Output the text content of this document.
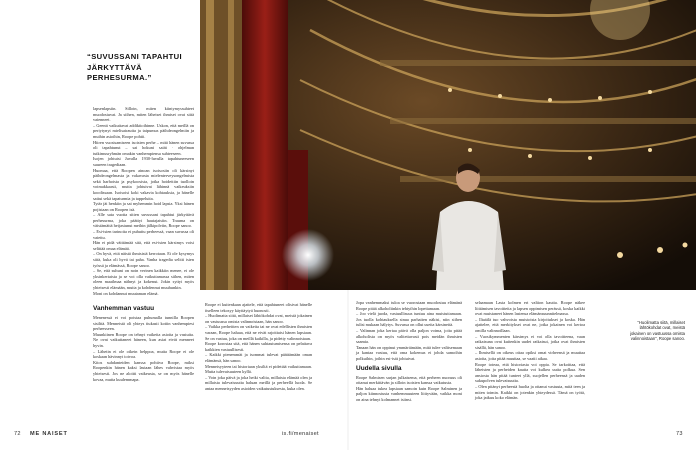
“SUVUSSANI TAPAHTUI JÄRKYTTÄVÄ PERHESURMA.”

lapsenlapsiin. Silloin, miten kiintymyssuhteet muodostuvat. Ja siihen, miten läheiset ihmiset ovat siitä vaienneet.

– Geenit vaikuttavat addiktioihinne. Uskon, että meillä on periytynyt mielisairautta ja taipumus päihdeongelmiin ja muihin asioihin, Roope pohtii.

Hiiren vuosisamiseen isoisien perhe – mitä hänen suvussa oli tapahtunut – sai hokuni saiät · ohjelman tutkimusryhmän omakin vanhempiensa suhteeseen.

Isojen johtuisi Juvalla 1930-luvulla tapahtuneeseen suureen tragediaan.

Huomaa, että Roopen ainoan isoisosiin oli kärsinyt päihdeongelmasta ja vakavasta mielenterveysongelmista sekä harhoista ja psykoosista, jotka hoidettiin tuolloin voimakkaasti, mutta johtuivat lähinnä vaikeuksiin koodissaan. Isoisoisi koki vakavia kohtauksia, ja hänelle sattui sekä tapaturmia ja tappeluita.

Tytär jäi henkiin ja sai myhemmin hoid lapsia. Yksi hänen pojistaan on Roopen isä.

– Alle sata vuotta sitten suvussani tapahtui järkyttävä perhesurma, joka päättyi hautajaisiin. Trauma on väistämättä heijastunut meihin jälkipolviin, Roope sanoo.

– Esi-isien tarinoita ei puhuttu perheessä, vaan suvussa oli vaiettu.

Hän ei pidä väittämää sitä, että esi-isien kärsimys voisi selittää omaa elämää.

– On hyvä, että näistä ihmisistä kerrotaan. Ei ole kysymys siitä, kuka oli hyvä tai paha. Vanha tragedia selitti isien työssä ja elämässä, Roope sanoo.

– Se, että suhuni on noin verinen kaikkiin menee, ei ole yksinkertaista ja se voi olla vaikuttamassa siihen, miten oleen maailmaa nähnyt ja kokenut. Jokin syttyi myös yhteisesti elämään, mutta ja kohdennut muuhunkin.

Moni on kohdannut muutaman elämä.

Vanhemman vastuu

Menenessä ei voi poistaa puhumalla tunnilla Roopen sisilttä. Menneistä oli yhteys tiukasti kotiin vanhempiesi perheesseen.

Muunkiinen Roope on tehnyt vaikeita asioita ja vastuita. Ne ovat vaikuttaneet häneen, kun asiat eivät menneet hyvin.

– Lähetin ei ole oikein helppoa, mutta Roope ei ole koskaan hävinnyt toivoa.

Kitos suhdanteiden kanssa pohtiva Roope, miksi Roopenkin hänen kaksi lastaan lähes vahvistaa myös yhteisesti. Jos ne aloitti vaikeusta, se on myös hänelle kovaa, mutta kuulemmapa.

Roope ei kuitenkaan ajattele, että tapahtuneet olisivat hänelle itselleen tekosyy käyttäytyä huonosti.

– Huolimatta siitä, millaiset lähtökohdat ovat, meistä jokainen on vastuussa omista valinnoistaan, hän sanoo.

– Vaikka perheitten on vaikeita tai ne ovat edellisten ihmisten varaan, Roope haluaa, että ne eivät rajoittaisi hänen lapsiaan. Se on vastuu, joka on meillä kaikilla, ja pidetty valinnoistaan.

Roope korostaa sitä, että hänen suhtautumisensa on pelattava kaikkien vastuullisesti.

– Kaikki pienemmät ja isommat tulevat päättämään oman elämänsä, hän sanoo.

Menneisyyteen tai historiaan yksiltä ei pidettää vaikuttamaan. Mutta tulevaisuuteen kyllä.

– Voin joka päivä ja joka hetki valita, millaista elämää olen ja millaista tulevaisuutta haluan meillä ja perheellä luoda. Se antaa menneisyyden asioiden vaikutustuksesta, kuka olen.

Jopa vanhemmaksi tuloa se vuorostaan muodostuu elämänä Roope pitää alkoholiinkin tehtyihin lopettamaan.

– Joo vielä juoda, vastuullisuus tuntuu aina muistuttamaan. Jos tuolla kohtauksella sinua parhaiten näkisi, niin siihen tulisi mukaan hälytys. Suvussa on ollut useita kärsineitä.

– Valinnan joka kertaa päivä olla paljon voima, joita pitää alkoholista on myös valitettavasti pois meidän ihmisten saamia.

Tanaan hän on oppinut ymmärtämään, mitä tulee valitsemaan ja kantaa vastuu, että oma kokemus ei johda samoihin polkuihin, joihin esi-isät johtuivat.

Uudella sivulla

Roope Salmisen sarjan julkaisema, että perheen nuoruus oli ottanut merkittävän ja silloin isoisien kanssa vaikutusta.

Hän haluaa tukea lapsiaan samoin kuin Roope Salminen ja paljon kiinnostusta vanhemmuuteen liittyvään, vaikka moni on aina tehnyt kolmannet isiinsi.

selaamaan Lasta kolmen eri valtion kautta. Roope näkee liittämisen tavoitteita ja lapsen oppimisen perässä, koska kaikki ovat muistaneet hänen lastensa elämänsuunnitelmassa.

– Iltaäilä tuo vahvoista muistoista kirjoitukset ja koska. Hän ajattelee, että merkitykset ovat ne, jotka jokainen voi kertoa omilla valinnoillaan.

– Vuosikymmenten kärsimys ei voi olla tavoitteena, vaan ratkaisuna ovat kuitenkin uudet ratkaisut, jotka ovat ihmisten sisällä, hän sanoo.

– Ihmisellä on oikeus ottaa opiksi omat virheensä ja muuttaa asioita, joita pitää muuttaa, se vaatii aikaa.

Roope toteaa, että historiasta voi oppia. Se tarkoittaa, että läheisten ja perheiden kautta voi kulkea uutta polkua. Sen ansiosta hän pitää tunteet yllä, suojellen perheensä ja uuden sukupolven tulevaisuutta.

– Olen pitänyt perheestä huolta ja ottanut vastuuta, mitä teen ja miten toimin. Kaikki on jotenkin yhteydessä. Tämä on työtä, joka jatkuu koko elämän.

“Huolimatta siitä, millaiset lähtökohdat ovat, meistä jokainen on vastuussa omista valinnoistaan”, Roope sanoo.
72 ME NAISET	is.fi/menaiset	73
